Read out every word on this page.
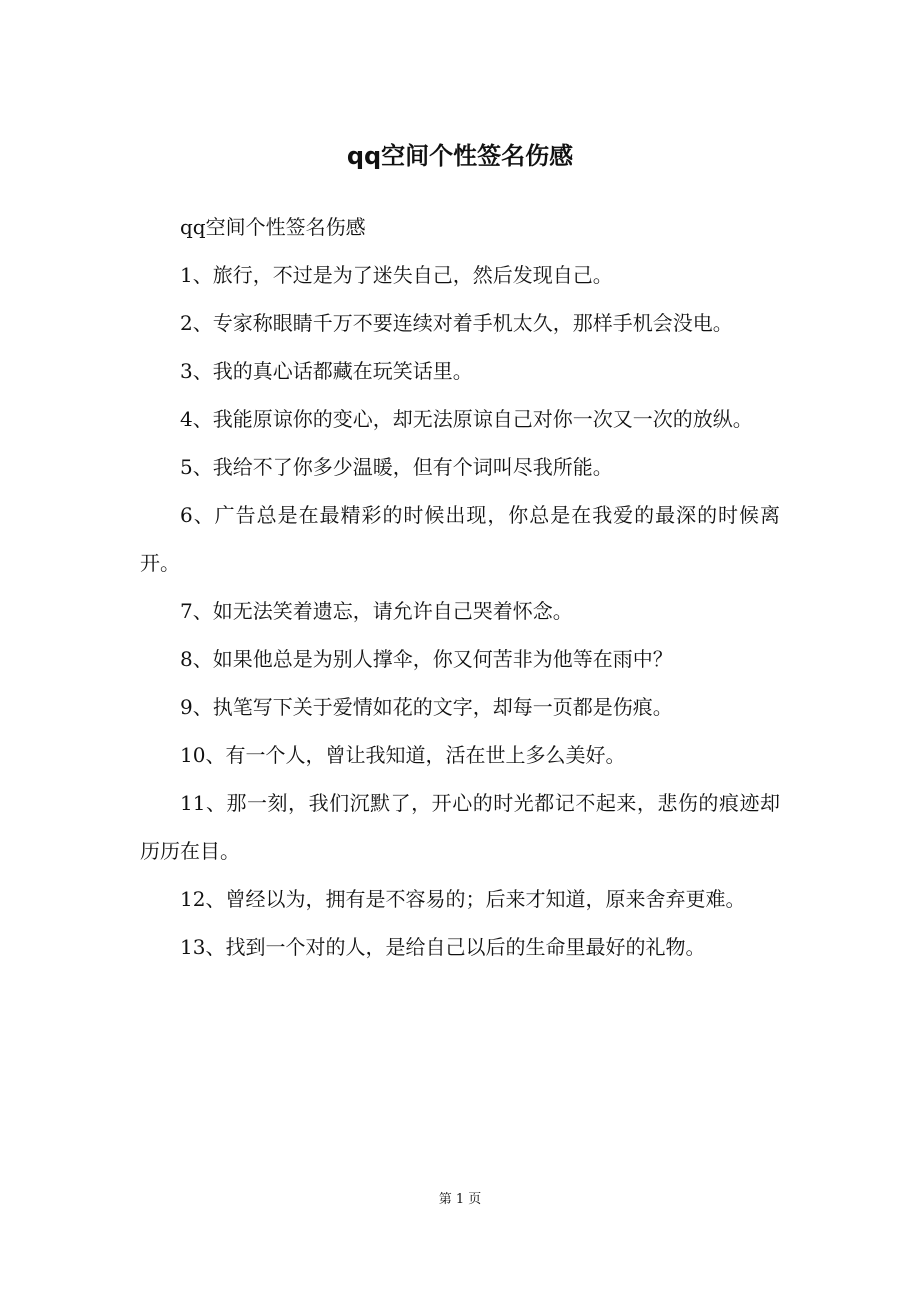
qq空间个性签名伤感

qq空间个性签名伤感

1、旅行，不过是为了迷失自己，然后发现自己。

2、专家称眼睛千万不要连续对着手机太久，那样手机会没电。

3、我的真心话都藏在玩笑话里。

4、我能原谅你的变心，却无法原谅自己对你一次又一次的放纵。

5、我给不了你多少温暖，但有个词叫尽我所能。

6、广告总是在最精彩的时候出现，你总是在我爱的最深的时候离开。

7、如无法笑着遗忘，请允许自己哭着怀念。

8、如果他总是为别人撑伞，你又何苦非为他等在雨中？

9、执笔写下关于爱情如花的文字，却每一页都是伤痕。

10、有一个人，曾让我知道，活在世上多么美好。

11、那一刻，我们沉默了，开心的时光都记不起来，悲伤的痕迹却历历在目。

12、曾经以为，拥有是不容易的；后来才知道，原来舍弃更难。

13、找到一个对的人，是给自己以后的生命里最好的礼物。

第 1 页
